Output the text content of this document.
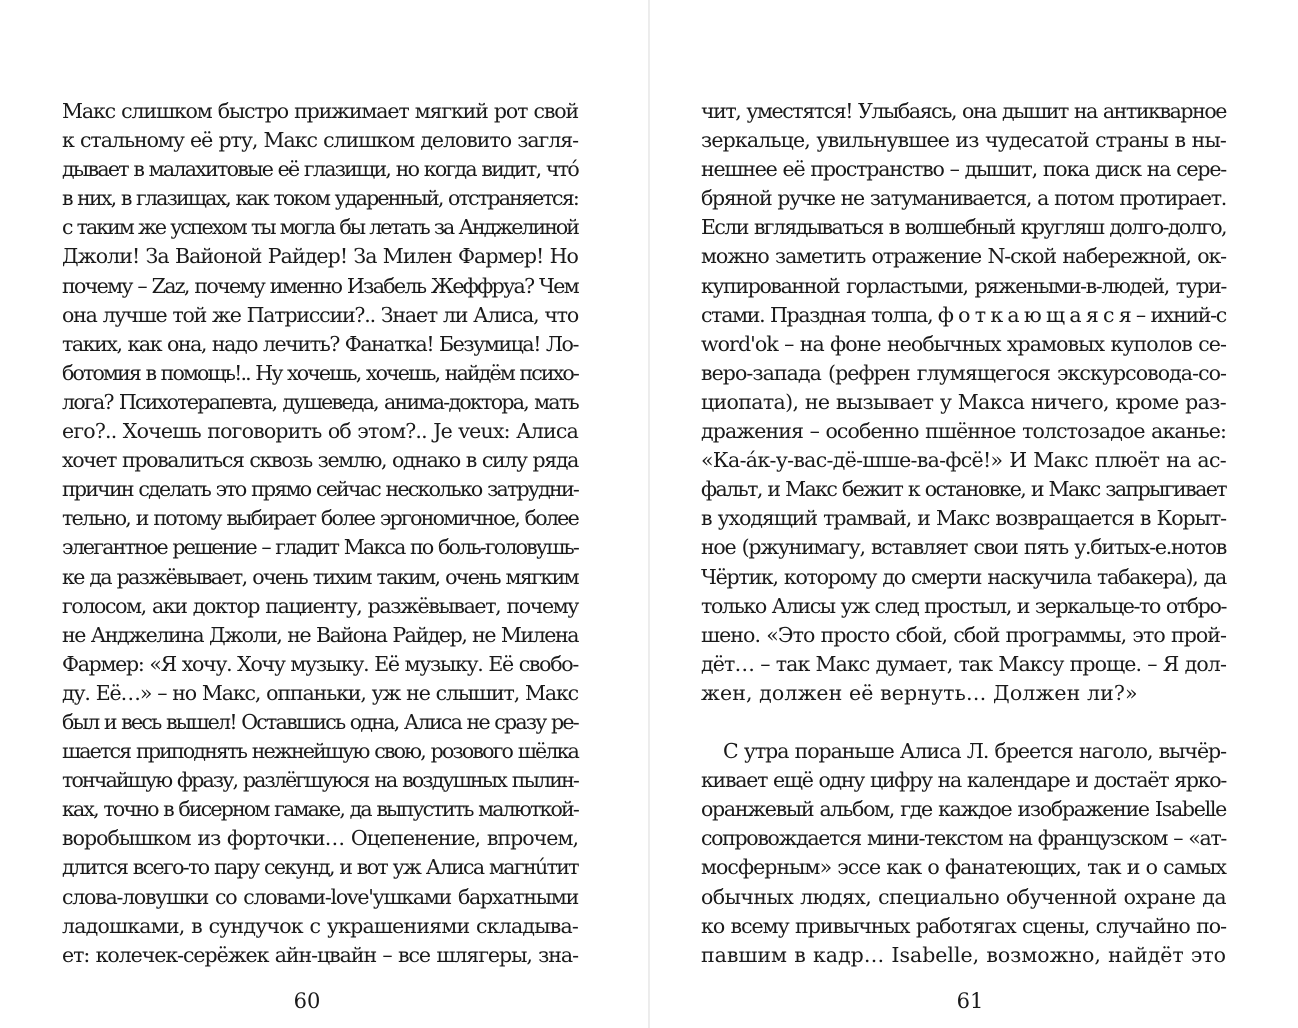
Макс слишком быстро прижимает мягкий рот свой
к стальному её рту, Макс слишком деловито загля-
дывает в малахитовые её глазищи, но когда видит, чтó
в них, в глазищах, как током ударенный, отстраняется:
с таким же успехом ты могла бы летать за Анджелиной
Джоли! За Вайоной Райдер! За Милен Фармер! Но
почему – Zaz, почему именно Изабель Жеффруа? Чем
она лучше той же Патриссии?.. Знает ли Алиса, что
таких, как она, надо лечить? Фанатка! Безумица! Ло-
ботомия в помощь!.. Ну хочешь, хочешь, найдём психо-
лога? Психотерапевта, душеведа, анима-доктора, мать
его?.. Хочешь поговорить об этом?.. Je veux: Алиса
хочет провалиться сквозь землю, однако в силу ряда
причин сделать это прямо сейчас несколько затрудни-
тельно, и потому выбирает более эргономичное, более
элегантное решение – гладит Макса по боль-головушь-
ке да разжёвывает, очень тихим таким, очень мягким
голосом, аки доктор пациенту, разжёвывает, почему
не Анджелина Джоли, не Вайона Райдер, не Милена
Фармер: «Я хочу. Хочу музыку. Её музыку. Её свобо-
ду. Её…» – но Макс, оппаньки, уж не слышит, Макс
был и весь вышел! Оставшись одна, Алиса не сразу ре-
шается приподнять нежнейшую свою, розового шёлка
тончайшую фразу, разлёгшуюся на воздушных пылин-
ках, точно в бисерном гамаке, да выпустить малюткой-
воробышком из форточки… Оцепенение, впрочем,
длится всего-то пару секунд, и вот уж Алиса магнúтит
слова-ловушки со словами-love'ушками бархатными
ладошками, в сундучок с украшениями складыва-
ет: колечек-серёжек айн-цвайн – все шлягеры, зна-
60
чит, уместятся! Улыбаясь, она дышит на антикварное
зеркальце, увильнувшее из чудесатой страны в ны-
нешнее её пространство – дышит, пока диск на сере-
бряной ручке не затуманивается, а потом протирает.
Если вглядываться в волшебный кругляш долго-долго,
можно заметить отражение N-ской набережной, ок-
купированной горластыми, ряжеными-в-людей, тури-
стами. Праздная толпа, ф о т к а ю щ а я с я – ихний-с
word'ok – на фоне необычных храмовых куполов се-
веро-запада (рефрен глумящегося экскурсовода-со-
циопата), не вызывает у Макса ничего, кроме раз-
дражения – особенно пшённое толстозадое аканье:
«Ка-áк-у-вас-дё-шше-ва-фсё!» И Макс плюёт на ас-
фальт, и Макс бежит к остановке, и Макс запрыгивает
в уходящий трамвай, и Макс возвращается в Корыт-
ное (ржунимагу, вставляет свои пять у.битых-е.нотов
Чёртик, которому до смерти наскучила табакера), да
только Алисы уж след простыл, и зеркальце-то отбро-
шено. «Это просто сбой, сбой программы, это прой-
дёт… – так Макс думает, так Максу проще. – Я дол-
жен, должен её вернуть… Должен ли?»
С утра пораньше Алиса Л. бреется наголо, вычёр-
кивает ещё одну цифру на календаре и достаёт ярко-
оранжевый альбом, где каждое изображение Isabelle
сопровождается мини-текстом на французском – «ат-
мосферным» эссе как о фанатеющих, так и о самых
обычных людях, специально обученной охране да
ко всему привычных работягах сцены, случайно по-
павшим в кадр… Isabelle, возможно, найдёт это
61
